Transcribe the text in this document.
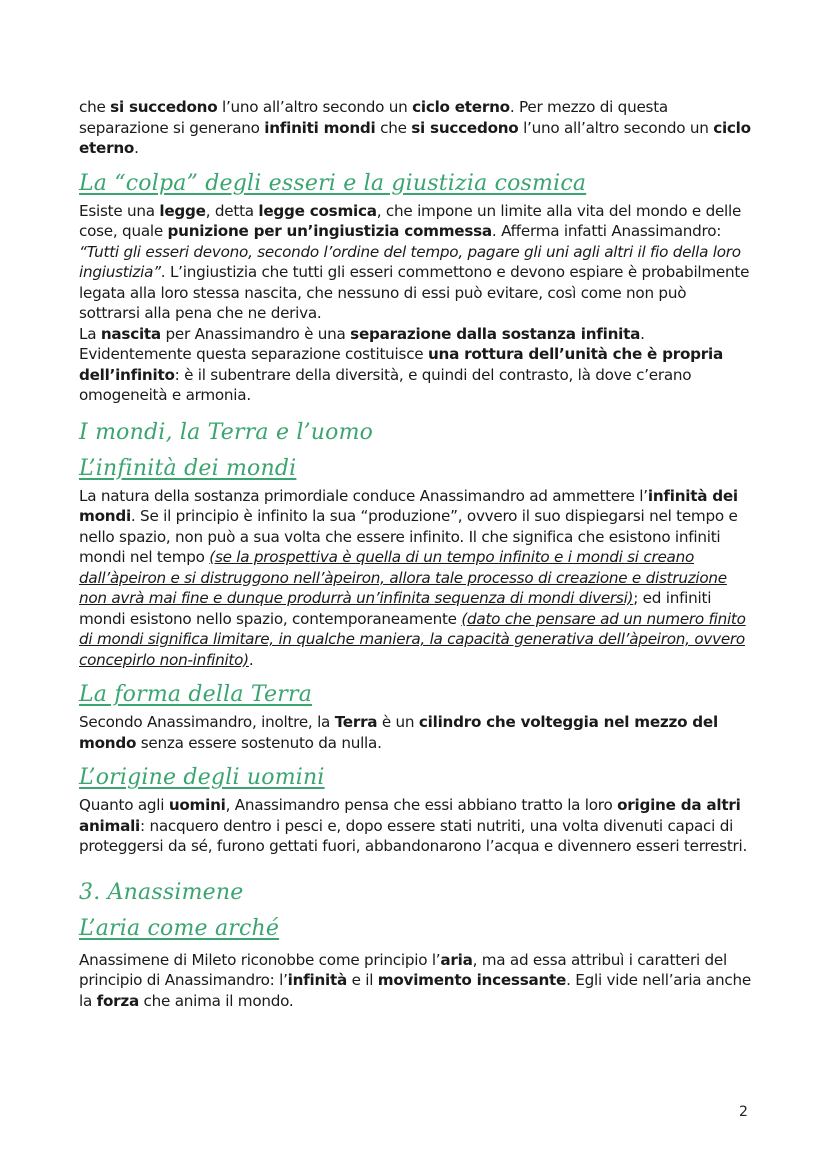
che si succedono l’uno all’altro secondo un ciclo eterno. Per mezzo di questa separazione si generano infiniti mondi che si succedono l’uno all’altro secondo un ciclo eterno.

La “colpa” degli esseri e la giustizia cosmica

Esiste una legge, detta legge cosmica, che impone un limite alla vita del mondo e delle cose, quale punizione per un’ingiustizia commessa. Afferma infatti Anassimandro: “Tutti gli esseri devono, secondo l’ordine del tempo, pagare gli uni agli altri il fio della loro ingiustizia”. L’ingiustizia che tutti gli esseri commettono e devono espiare è probabilmente legata alla loro stessa nascita, che nessuno di essi può evitare, così come non può sottrarsi alla pena che ne deriva.

La nascita per Anassimandro è una separazione dalla sostanza infinita. Evidentemente questa separazione costituisce una rottura dell’unità che è propria dell’infinito: è il subentrare della diversità, e quindi del contrasto, là dove c’erano omogeneità e armonia.

I mondi, la Terra e l’uomo
L’infinità dei mondi

La natura della sostanza primordiale conduce Anassimandro ad ammettere l’infinità dei mondi. Se il principio è infinito la sua “produzione”, ovvero il suo dispiegarsi nel tempo e nello spazio, non può a sua volta che essere infinito. Il che significa che esistono infiniti mondi nel tempo (se la prospettiva è quella di un tempo infinito e i mondi si creano dall’àpeiron e si distruggono nell’àpeiron, allora tale processo di creazione e distruzione non avrà mai fine e dunque produrrà un’infinita sequenza di mondi diversi); ed infiniti mondi esistono nello spazio, contemporaneamente (dato che pensare ad un numero finito di mondi significa limitare, in qualche maniera, la capacità generativa dell’àpeiron, ovvero concepirlo non-infinito).

La forma della Terra

Secondo Anassimandro, inoltre, la Terra è un cilindro che volteggia nel mezzo del mondo senza essere sostenuto da nulla.

L’origine degli uomini

Quanto agli uomini, Anassimandro pensa che essi abbiano tratto la loro origine da altri animali: nacquero dentro i pesci e, dopo essere stati nutriti, una volta divenuti capaci di proteggersi da sé, furono gettati fuori, abbandonarono l’acqua e divennero esseri terrestri.

3. Anassimene
L’aria come arché

Anassimene di Mileto riconobbe come principio l’aria, ma ad essa attribuì i caratteri del principio di Anassimandro: l’infinità e il movimento incessante. Egli vide nell’aria anche la forza che anima il mondo.

2
